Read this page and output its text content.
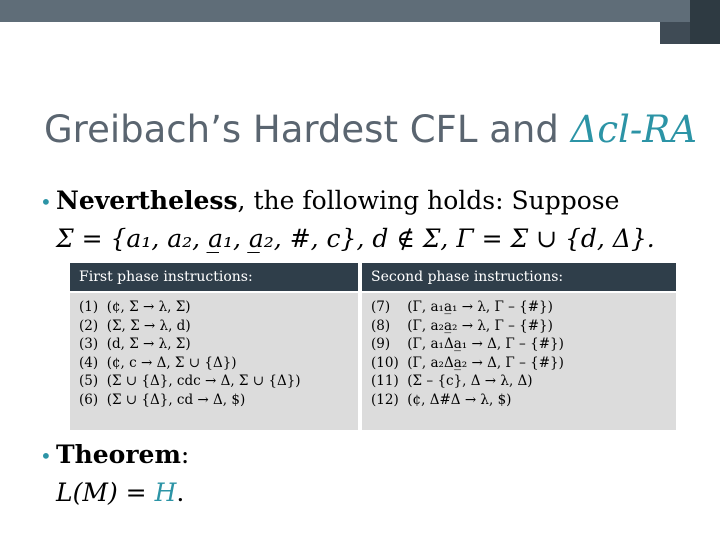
Greibach’s Hardest CFL and Δcl-RA
• Nevertheless, the following holds: Suppose
Σ = {a₁, a₂, a̲₁, a̲₂, #, c}, d ∉ Σ, Γ = Σ ∪ {d, Δ}.
First phase instructions:	Second phase instructions:
(1)  (¢, Σ → λ, Σ)
(2)  (Σ, Σ → λ, d)
(3)  (d, Σ → λ, Σ)
(4)  (¢, c → Δ, Σ ∪ {Δ})
(5)  (Σ ∪ {Δ}, cdc → Δ, Σ ∪ {Δ})
(6)  (Σ ∪ {Δ}, cd → Δ, $)
(7)    (Γ, a₁a̲₁ → λ, Γ – {#})
(8)    (Γ, a₂a̲₂ → λ, Γ – {#})
(9)    (Γ, a₁Δa̲₁ → Δ, Γ – {#})
(10)  (Γ, a₂Δa̲₂ → Δ, Γ – {#})
(11)  (Σ – {c}, Δ → λ, Δ)
(12)  (¢, Δ#Δ → λ, $)
• Theorem:
L(M) = H.
